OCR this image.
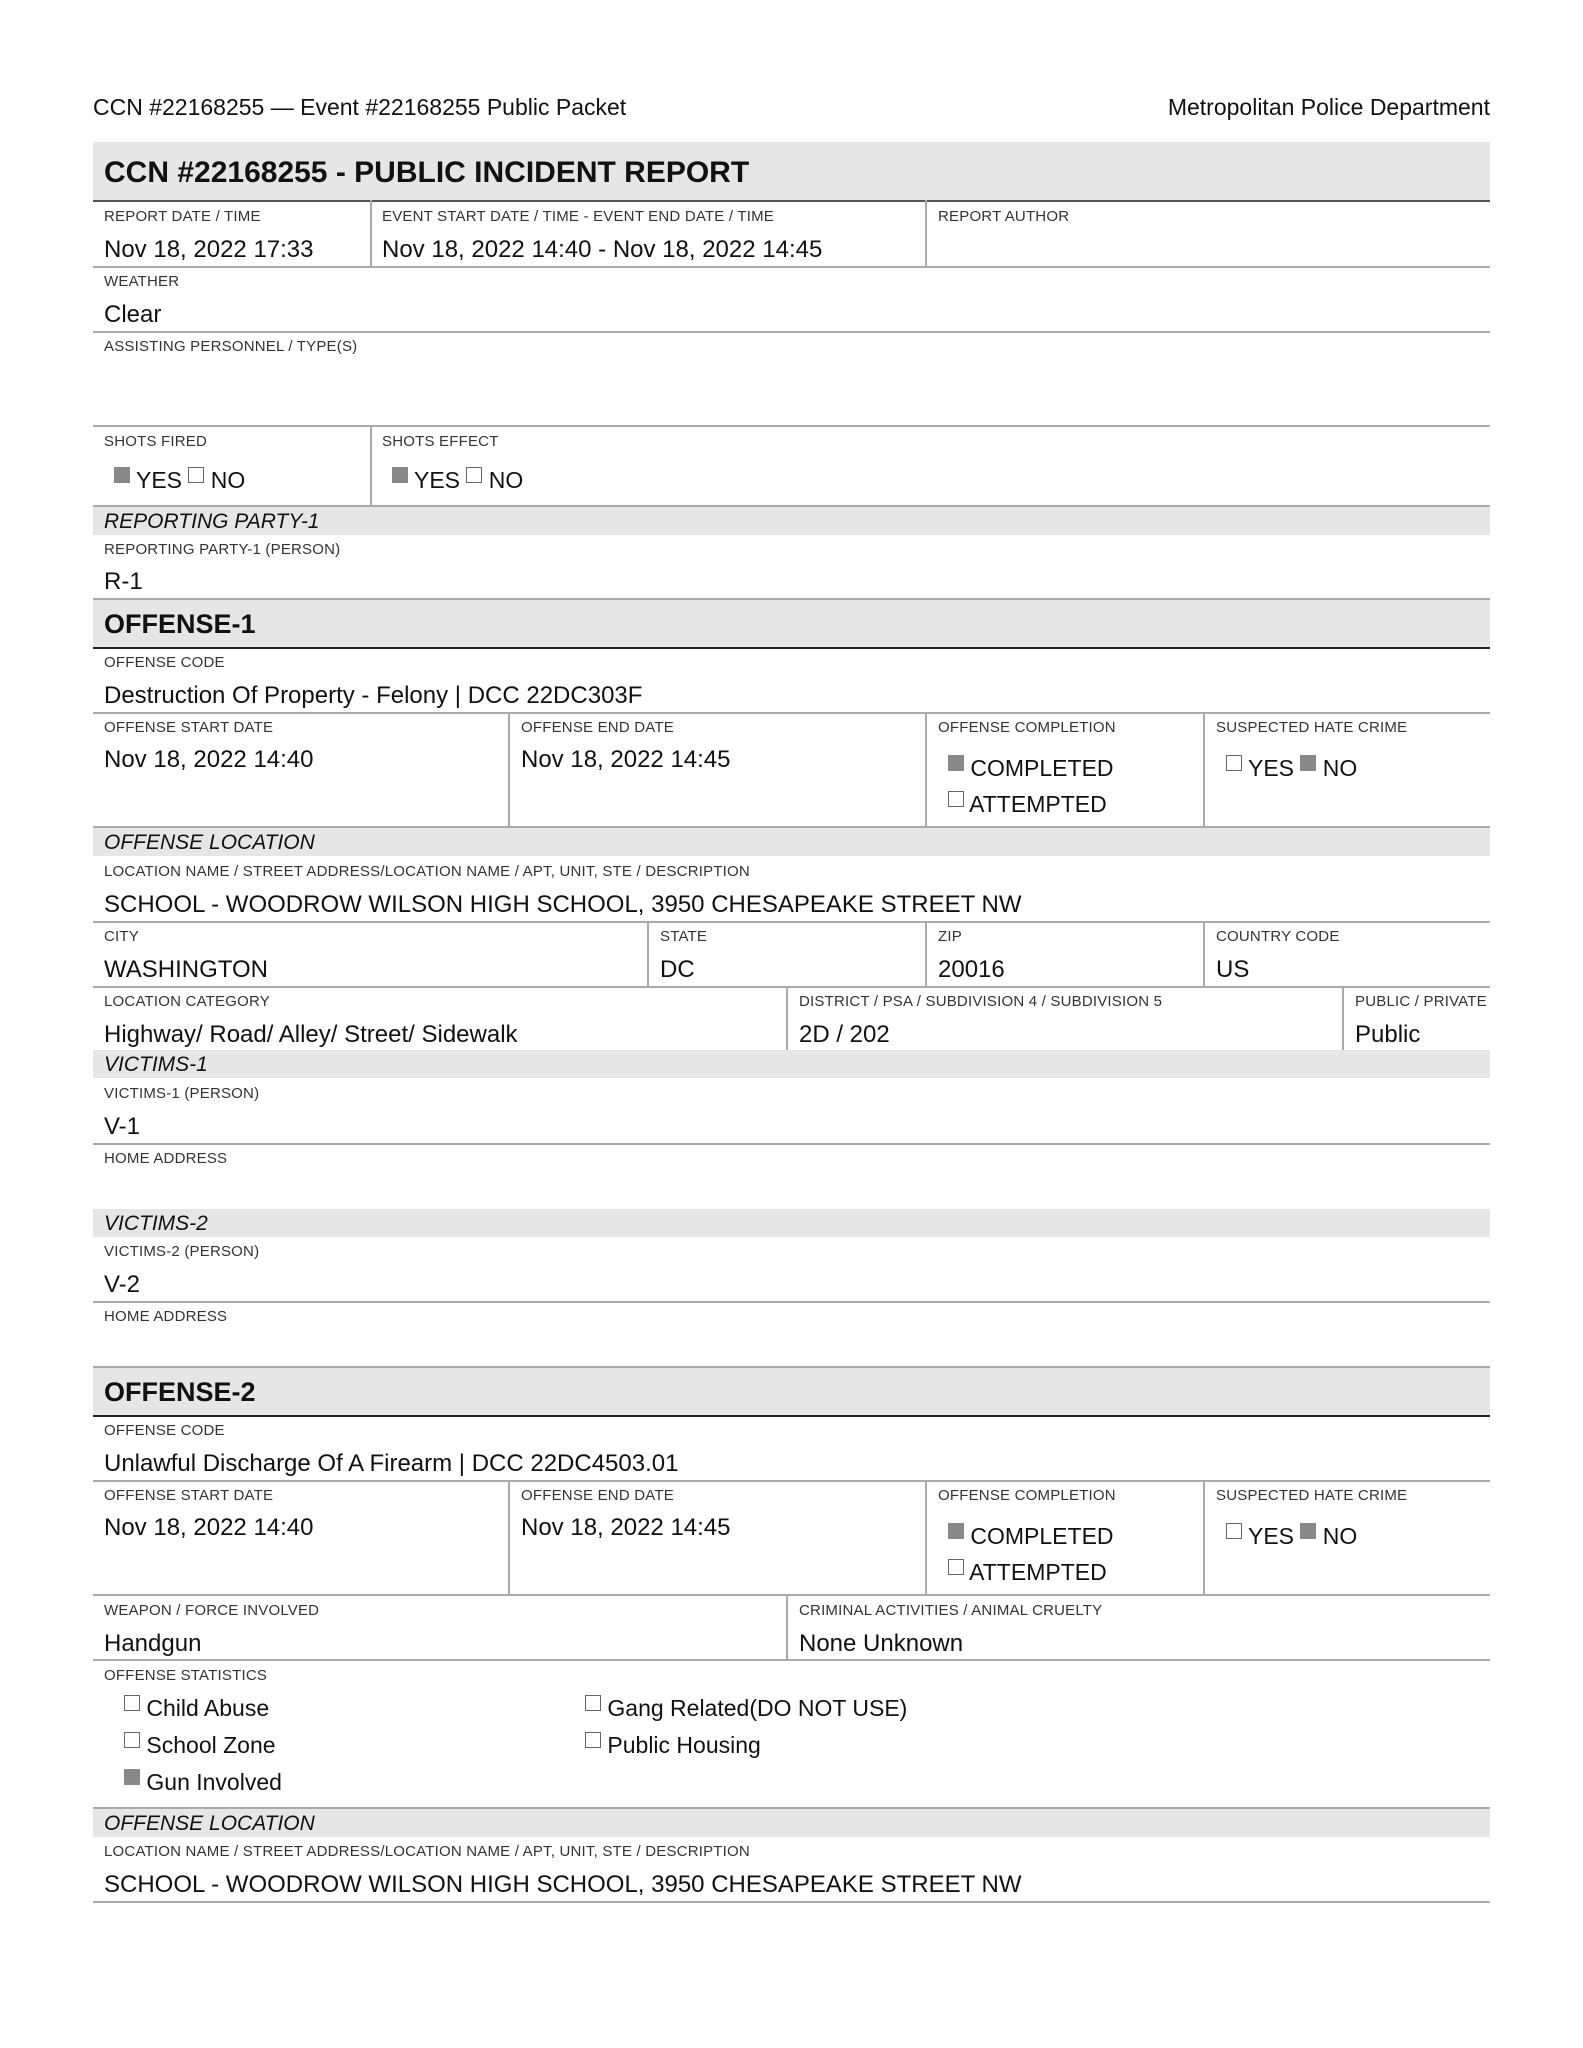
CCN #22168255 — Event #22168255 Public Packet	Metropolitan Police Department
CCN #22168255 - PUBLIC INCIDENT REPORT
REPORT DATE / TIME
Nov 18, 2022 17:33
EVENT START DATE / TIME - EVENT END DATE / TIME
Nov 18, 2022 14:40 - Nov 18, 2022 14:45
REPORT AUTHOR
WEATHER
Clear
ASSISTING PERSONNEL / TYPE(S)
SHOTS FIRED
YES NO
SHOTS EFFECT
YES NO
REPORTING PARTY-1
REPORTING PARTY-1 (PERSON)
R-1
OFFENSE-1
OFFENSE CODE
Destruction Of Property - Felony | DCC 22DC303F
OFFENSE START DATE
Nov 18, 2022 14:40
OFFENSE END DATE
Nov 18, 2022 14:45
OFFENSE COMPLETION
COMPLETED
ATTEMPTED
SUSPECTED HATE CRIME
YES NO
OFFENSE LOCATION
LOCATION NAME / STREET ADDRESS/LOCATION NAME / APT, UNIT, STE / DESCRIPTION
SCHOOL - WOODROW WILSON HIGH SCHOOL, 3950 CHESAPEAKE STREET NW
CITY
WASHINGTON
STATE
DC
ZIP
20016
COUNTRY CODE
US
LOCATION CATEGORY
Highway/ Road/ Alley/ Street/ Sidewalk
DISTRICT / PSA / SUBDIVISION 4 / SUBDIVISION 5
2D / 202
PUBLIC / PRIVATE
Public
VICTIMS-1
VICTIMS-1 (PERSON)
V-1
HOME ADDRESS
VICTIMS-2
VICTIMS-2 (PERSON)
V-2
HOME ADDRESS
OFFENSE-2
OFFENSE CODE
Unlawful Discharge Of A Firearm | DCC 22DC4503.01
OFFENSE START DATE
Nov 18, 2022 14:40
OFFENSE END DATE
Nov 18, 2022 14:45
OFFENSE COMPLETION
COMPLETED
ATTEMPTED
SUSPECTED HATE CRIME
YES NO
WEAPON / FORCE INVOLVED
Handgun
CRIMINAL ACTIVITIES / ANIMAL CRUELTY
None Unknown
OFFENSE STATISTICS
Child Abuse
School Zone
Gun Involved
Gang Related(DO NOT USE)
Public Housing
OFFENSE LOCATION
LOCATION NAME / STREET ADDRESS/LOCATION NAME / APT, UNIT, STE / DESCRIPTION
SCHOOL - WOODROW WILSON HIGH SCHOOL, 3950 CHESAPEAKE STREET NW
